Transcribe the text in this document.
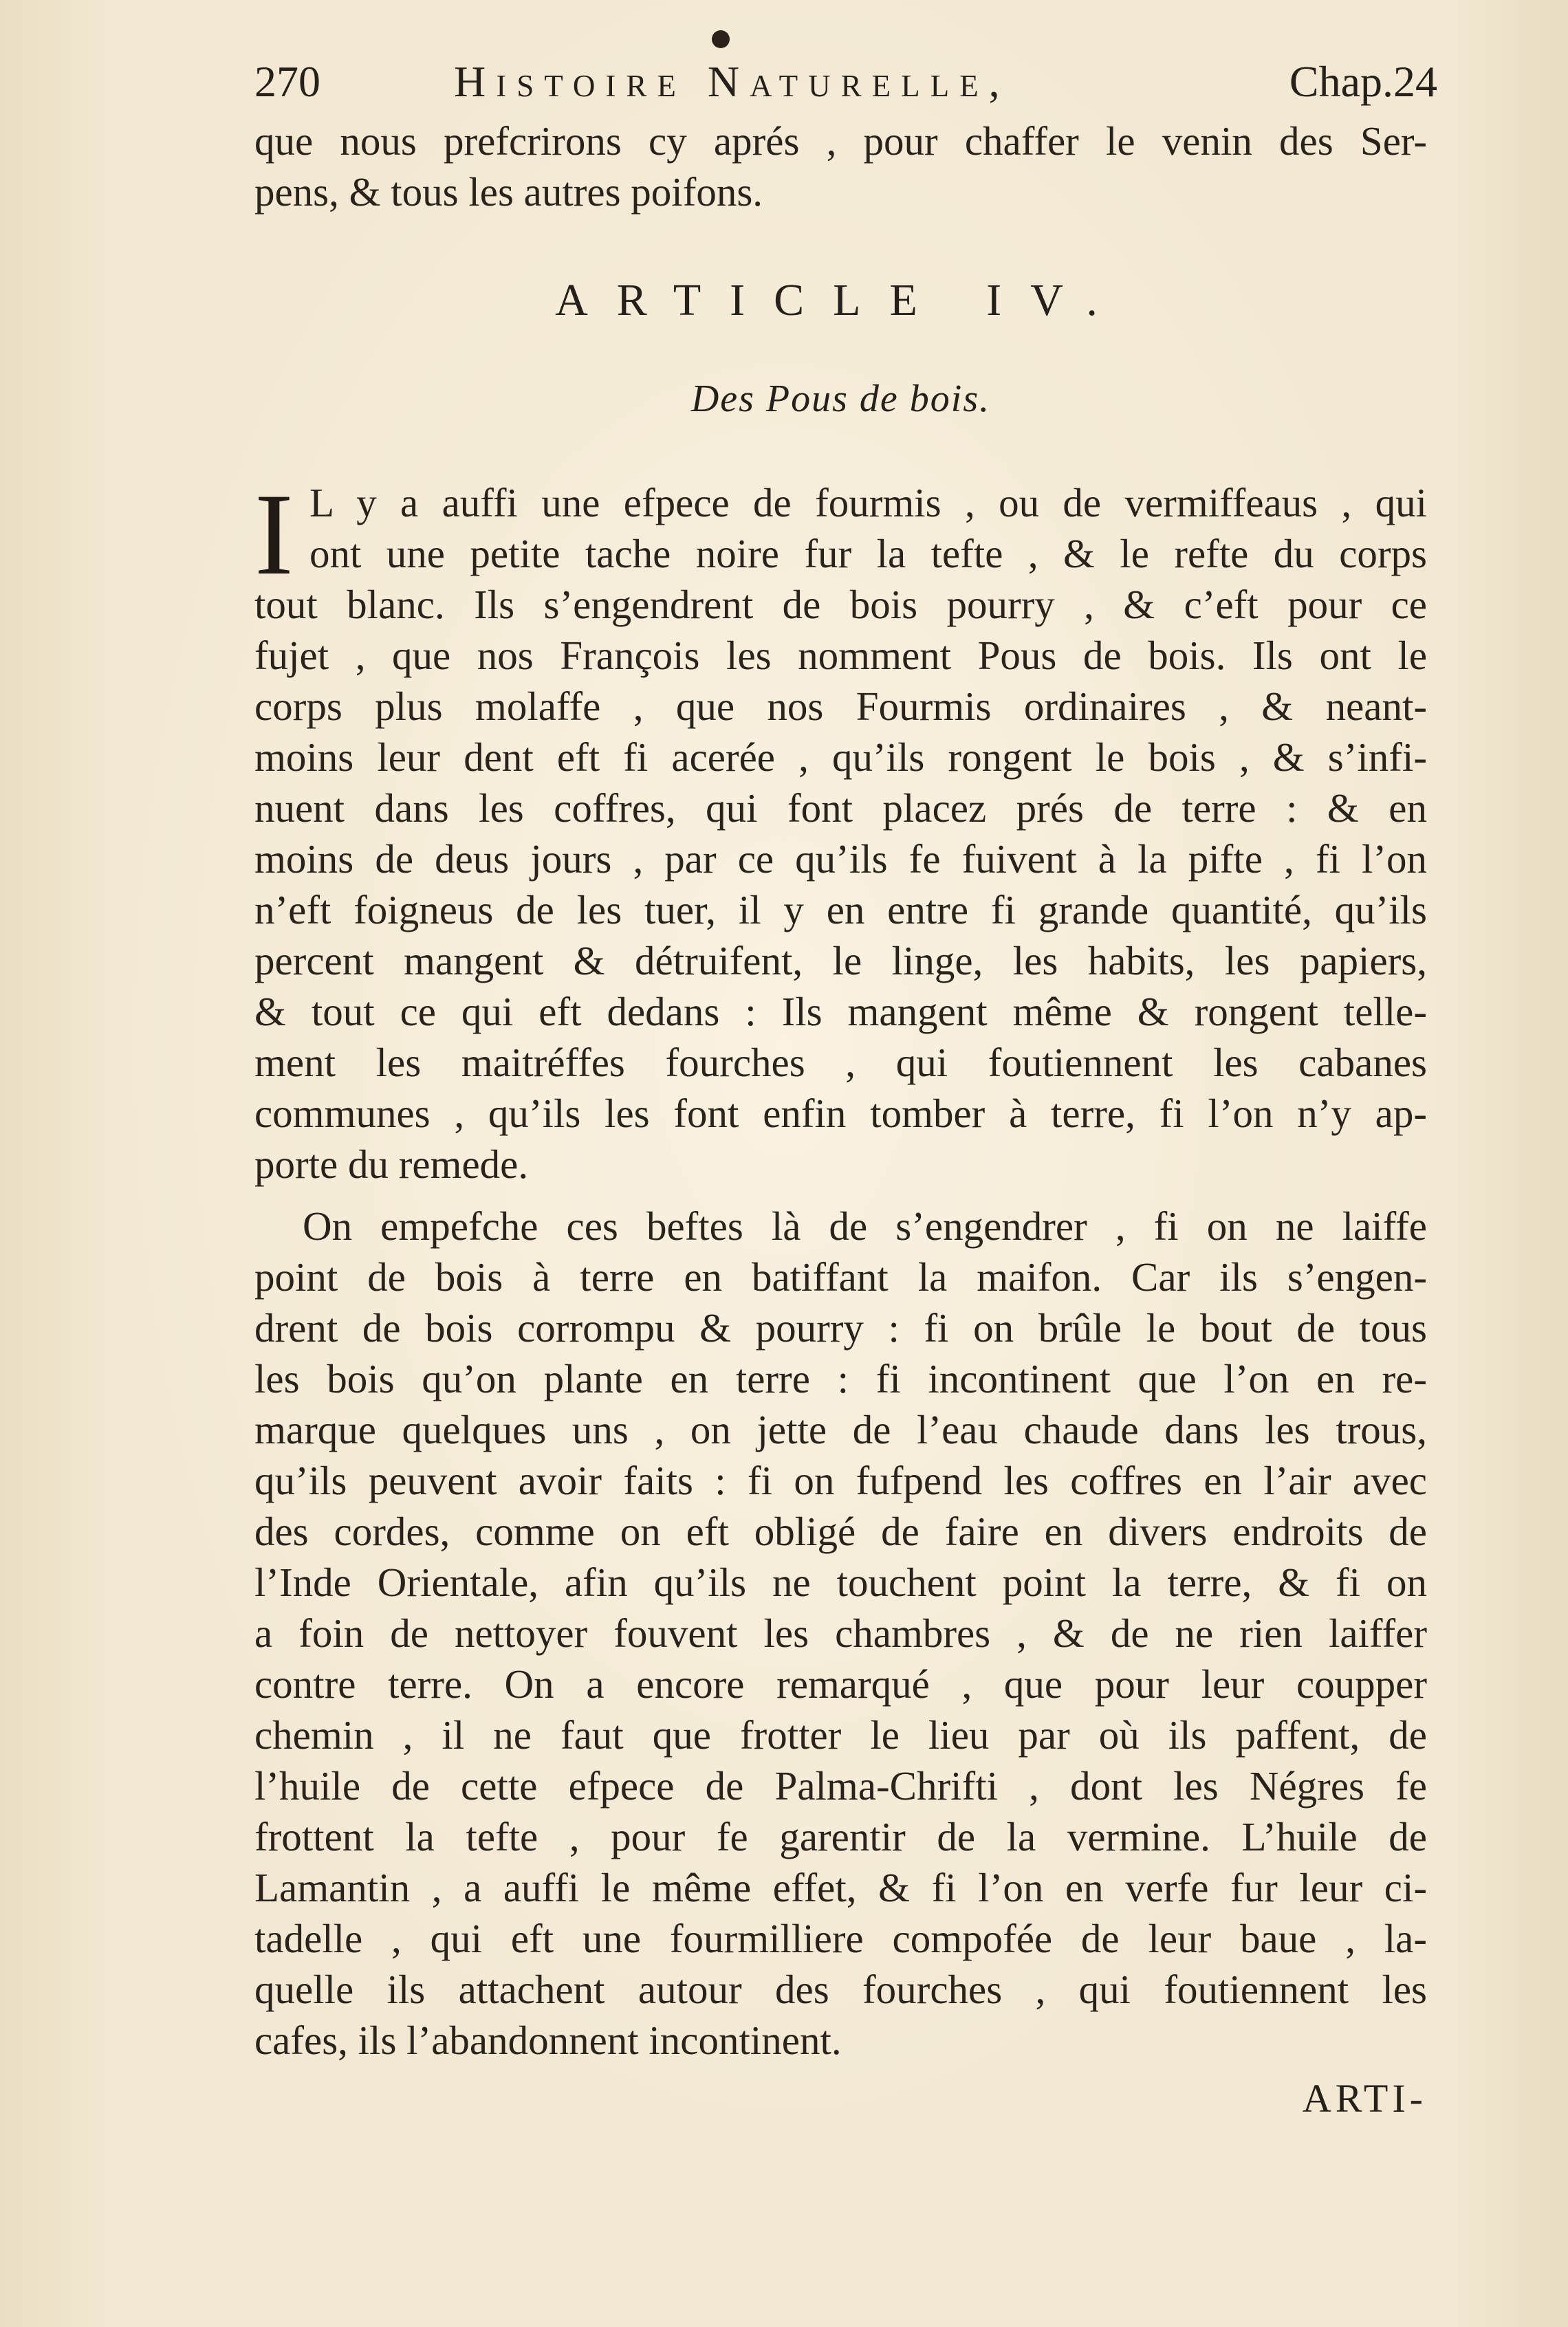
270	Histoire Naturelle,	Chap.24
que nous prefcrirons cy aprés , pour chaffer le venin des Ser-
pens, & tous les autres poifons.
ARTICLE IV.
Des Pous de bois.
I L y a auffi une efpece de fourmis , ou de vermiffeaus , qui
ont une petite tache noire fur la tefte , & le refte du corps
tout blanc. Ils s’engendrent de bois pourry , & c’eft pour ce
fujet , que nos François les nomment Pous de bois. Ils ont le
corps plus molaffe , que nos Fourmis ordinaires , & neant-
moins leur dent eft fi acerée , qu’ils rongent le bois , & s’infi-
nuent dans les coffres, qui font placez prés de terre : & en
moins de deus jours , par ce qu’ils fe fuivent à la pifte , fi l’on
n’eft foigneus de les tuer, il y en entre fi grande quantité, qu’ils
percent mangent & détruifent, le linge, les habits, les papiers,
& tout ce qui eft dedans : Ils mangent même & rongent telle-
ment les maitréffes fourches , qui foutiennent les cabanes
communes , qu’ils les font enfin tomber à terre, fi l’on n’y ap-
porte du remede.
On empefche ces beftes là de s’engendrer , fi on ne laiffe
point de bois à terre en batiffant la maifon. Car ils s’engen-
drent de bois corrompu & pourry : fi on brûle le bout de tous
les bois qu’on plante en terre : fi incontinent que l’on en re-
marque quelques uns , on jette de l’eau chaude dans les trous,
qu’ils peuvent avoir faits : fi on fufpend les coffres en l’air avec
des cordes, comme on eft obligé de faire en divers endroits de
l’Inde Orientale, afin qu’ils ne touchent point la terre, & fi on
a foin de nettoyer fouvent les chambres , & de ne rien laiffer
contre terre. On a encore remarqué , que pour leur coupper
chemin , il ne faut que frotter le lieu par où ils paffent, de
l’huile de cette efpece de Palma-Chrifti , dont les Négres fe
frottent la tefte , pour fe garentir de la vermine. L’huile de
Lamantin , a auffi le même effet, & fi l’on en verfe fur leur ci-
tadelle , qui eft une fourmilliere compofée de leur baue , la-
quelle ils attachent autour des fourches , qui foutiennent les
cafes, ils l’abandonnent incontinent.
ARTI-
